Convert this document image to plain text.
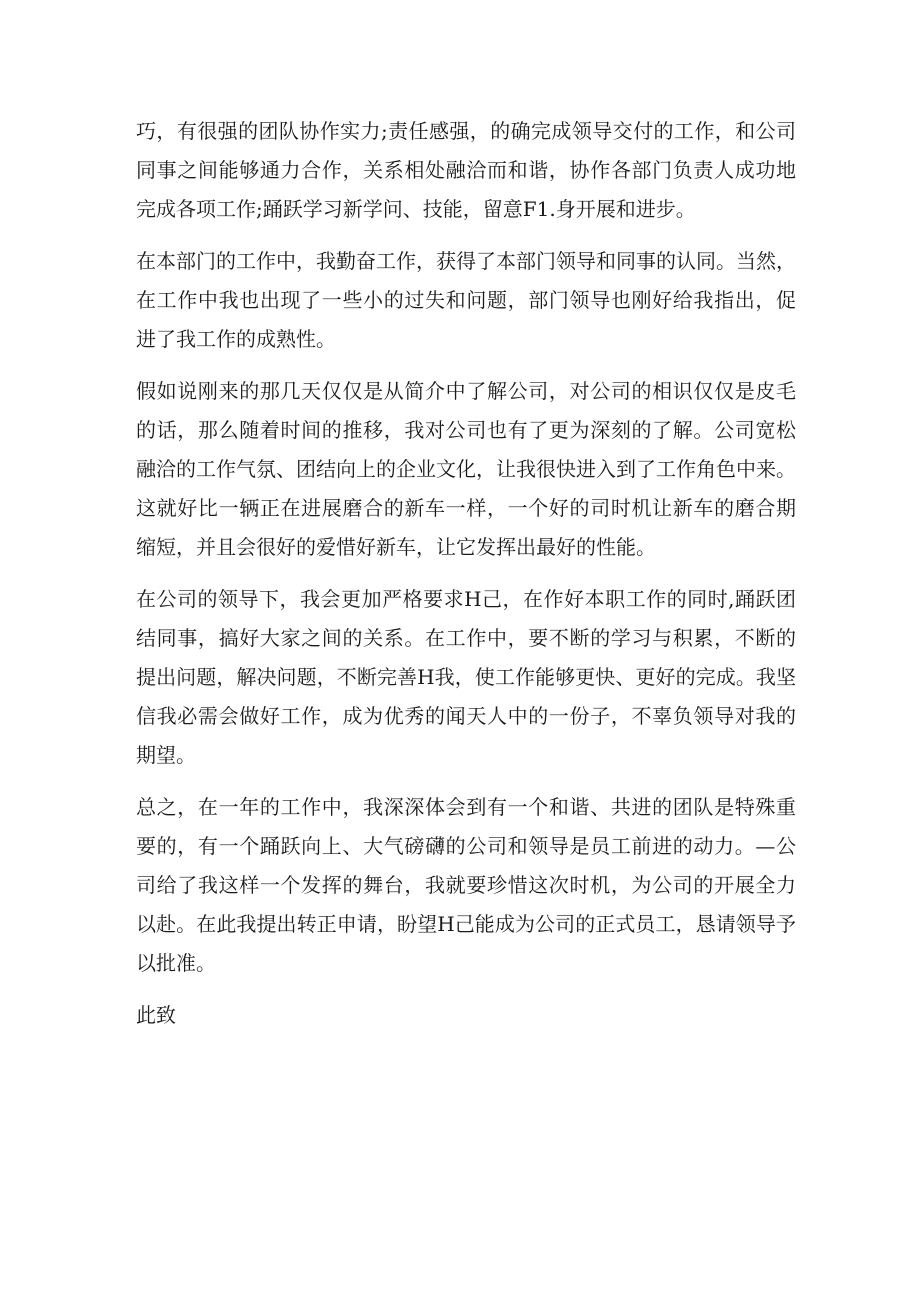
巧，有很强的团队协作实力;责任感强，的确完成领导交付的工作，和公司
同事之间能够通力合作，关系相处融洽而和谐，协作各部门负责人成功地
完成各项工作;踊跃学习新学问、技能，留意F1.身开展和进步。
在本部门的工作中，我勤奋工作，获得了本部门领导和同事的认同。当然，
在工作中我也出现了一些小的过失和问题，部门领导也刚好给我指出，促
进了我工作的成熟性。
假如说刚来的那几天仅仅是从简介中了解公司，对公司的相识仅仅是皮毛
的话，那么随着时间的推移，我对公司也有了更为深刻的了解。公司宽松
融洽的工作气氛、团结向上的企业文化，让我很快进入到了工作角色中来。
这就好比一辆正在进展磨合的新车一样，一个好的司时机让新车的磨合期
缩短，并且会很好的爱惜好新车，让它发挥出最好的性能。
在公司的领导下，我会更加严格要求H己，在作好本职工作的同时,踊跃团
结同事，搞好大家之间的关系。在工作中，要不断的学习与积累，不断的
提出问题，解决问题，不断完善H我，使工作能够更快、更好的完成。我坚
信我必需会做好工作，成为优秀的闻天人中的一份子，不辜负领导对我的
期望。
总之，在一年的工作中，我深深体会到有一个和谐、共进的团队是特殊重
要的，有一个踊跃向上、大气磅礴的公司和领导是员工前进的动力。—公
司给了我这样一个发挥的舞台，我就要珍惜这次时机，为公司的开展全力
以赴。在此我提出转正申请，盼望H己能成为公司的正式员工，恳请领导予
以批准。
此致
